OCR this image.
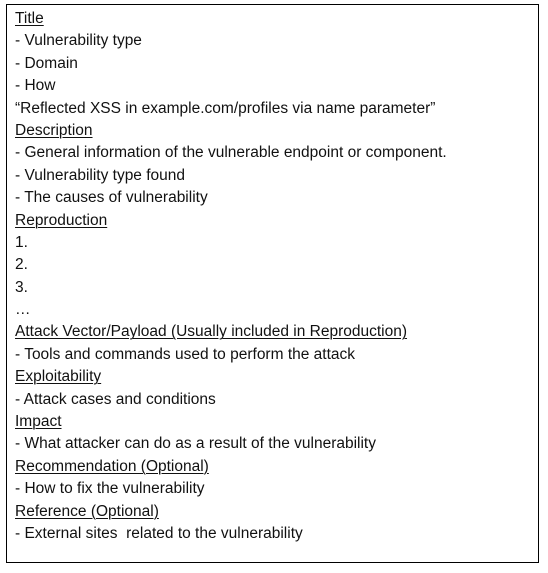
Title
- Vulnerability type
- Domain
- How
“Reflected XSS in example.com/profiles via name parameter”
Description
- General information of the vulnerable endpoint or component.
- Vulnerability type found
- The causes of vulnerability
Reproduction
1.
2.
3.
…
Attack Vector/Payload (Usually included in Reproduction)
- Tools and commands used to perform the attack
Exploitability
- Attack cases and conditions
Impact
- What attacker can do as a result of the vulnerability
Recommendation (Optional)
- How to fix the vulnerability
Reference (Optional)
- External sites  related to the vulnerability
